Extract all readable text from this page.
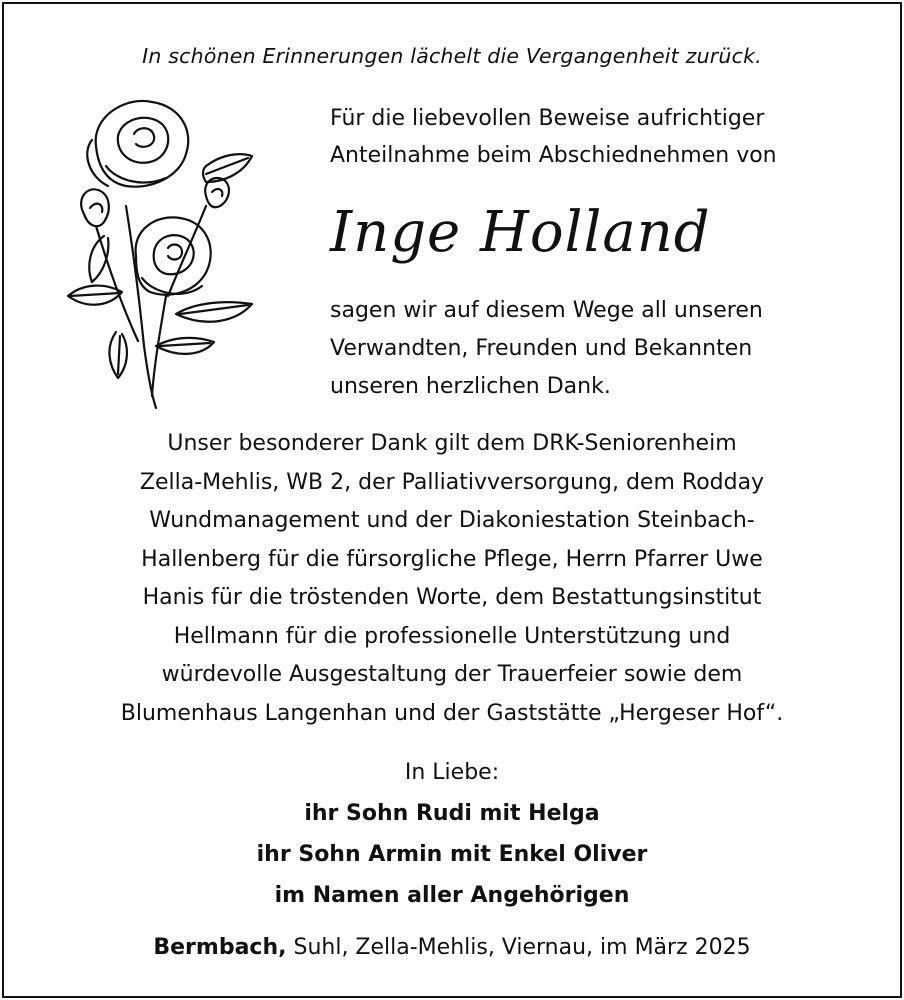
In schönen Erinnerungen lächelt die Vergangenheit zurück.
Für die liebevollen Beweise aufrichtiger
Anteilnahme beim Abschiednehmen von
Inge Holland
sagen wir auf diesem Wege all unseren
Verwandten, Freunden und Bekannten
unseren herzlichen Dank.
Unser besonderer Dank gilt dem DRK-Seniorenheim
Zella-Mehlis, WB 2, der Palliativversorgung, dem Rodday
Wundmanagement und der Diakoniestation Steinbach-
Hallenberg für die fürsorgliche Pflege, Herrn Pfarrer Uwe
Hanis für die tröstenden Worte, dem Bestattungsinstitut
Hellmann für die professionelle Unterstützung und
würdevolle Ausgestaltung der Trauerfeier sowie dem
Blumenhaus Langenhan und der Gaststätte „Hergeser Hof“.
In Liebe:
ihr Sohn Rudi mit Helga
ihr Sohn Armin mit Enkel Oliver
im Namen aller Angehörigen
Bermbach, Suhl, Zella-Mehlis, Viernau, im März 2025
